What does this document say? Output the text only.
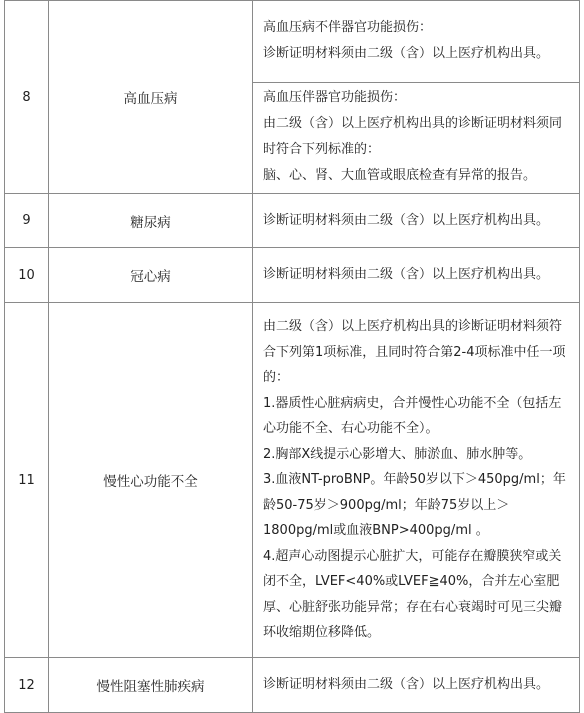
8	高血压病	高血压病不伴器官功能损伤：
诊断证明材料须由二级（含）以上医疗机构出具。

		高血压伴器官功能损伤：
由二级（含）以上医疗机构出具的诊断证明材料须同时符合下列标准的：
脑、心、肾、大血管或眼底检查有异常的报告。

9	糖尿病	诊断证明材料须由二级（含）以上医疗机构出具。
10	冠心病	诊断证明材料须由二级（含）以上医疗机构出具。
11	慢性心功能不全	由二级（含）以上医疗机构出具的诊断证明材料须符合下列第1项标准，且同时符合第2-4项标准中任一项的：
1.器质性心脏病病史，合并慢性心功能不全（包括左心功能不全、右心功能不全）。
2.胸部X线提示心影增大、肺淤血、肺水肿等。
3.血液NT-proBNP。年龄50岁以下＞450pg/ml；年龄50-75岁＞900pg/ml；年龄75岁以上＞1800pg/ml或血液BNP>400pg/ml 。
4.超声心动图提示心脏扩大，可能存在瓣膜狭窄或关闭不全，LVEF<40%或LVEF≧40%，合并左心室肥厚、心脏舒张功能异常；存在右心衰竭时可见三尖瓣环收缩期位移降低。

12	慢性阻塞性肺疾病	诊断证明材料须由二级（含）以上医疗机构出具。
